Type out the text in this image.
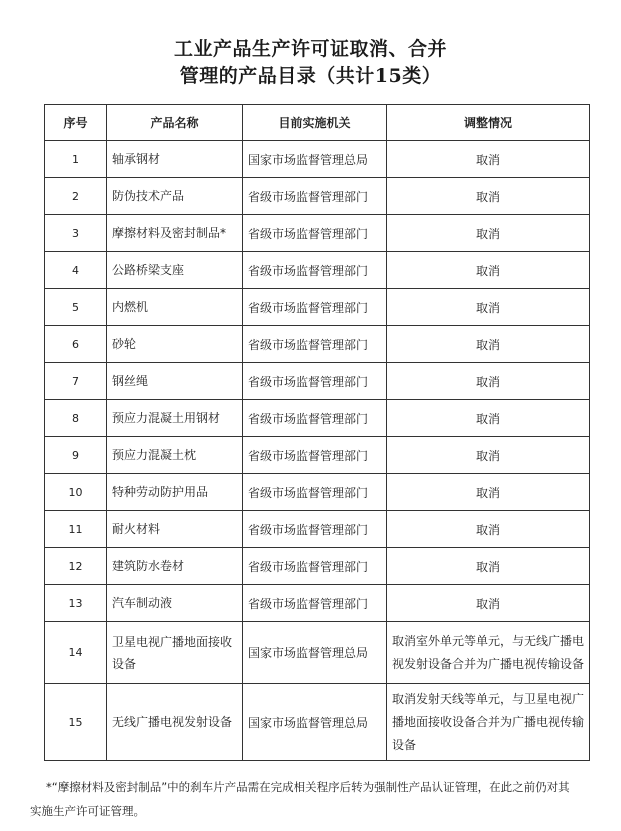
工业产品生产许可证取消、合并
管理的产品目录（共计15类）
序号	产品名称	目前实施机关	调整情况
1	轴承钢材	国家市场监督管理总局	取消
2	防伪技术产品	省级市场监督管理部门	取消
3	摩擦材料及密封制品*	省级市场监督管理部门	取消
4	公路桥梁支座	省级市场监督管理部门	取消
5	内燃机	省级市场监督管理部门	取消
6	砂轮	省级市场监督管理部门	取消
7	钢丝绳	省级市场监督管理部门	取消
8	预应力混凝土用钢材	省级市场监督管理部门	取消
9	预应力混凝土枕	省级市场监督管理部门	取消
10	特种劳动防护用品	省级市场监督管理部门	取消
11	耐火材料	省级市场监督管理部门	取消
12	建筑防水卷材	省级市场监督管理部门	取消
13	汽车制动液	省级市场监督管理部门	取消
14	卫星电视广播地面接收设备	国家市场监督管理总局	取消室外单元等单元，与无线广播电视发射设备合并为广播电视传输设备
15	无线广播电视发射设备	国家市场监督管理总局	取消发射天线等单元，与卫星电视广播地面接收设备合并为广播电视传输设备
*“摩擦材料及密封制品”中的刹车片产品需在完成相关程序后转为强制性产品认证管理，在此之前仍对其
实施生产许可证管理。
